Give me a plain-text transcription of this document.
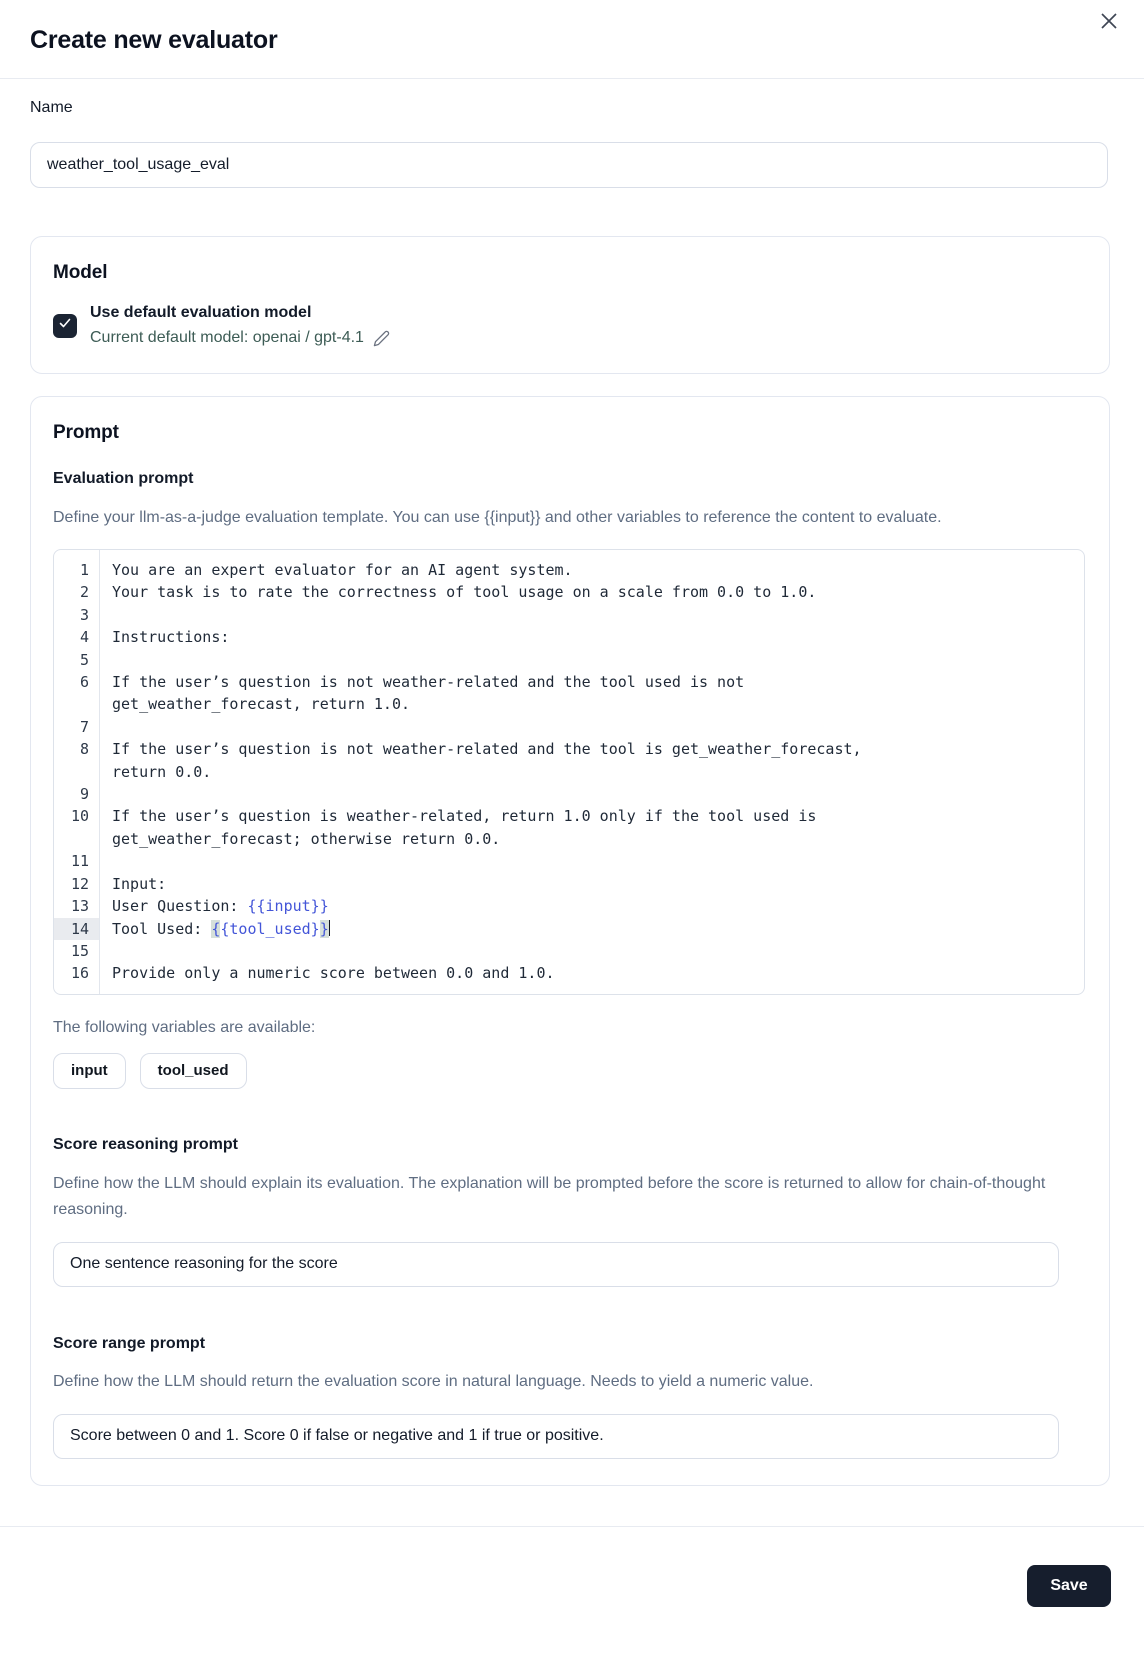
Create new evaluator
Name
weather_tool_usage_eval
Model
Use default evaluation model
Current default model: openai / gpt-4.1
Prompt
Evaluation prompt

Define your llm-as-a-judge evaluation template. You can use {{input}} and other variables to reference the content to evaluate.

1	You are an expert evaluator for an AI agent system.
2	Your task is to rate the correctness of tool usage on a scale from 0.0 to 1.0.
3

4	Instructions:
5

6	If the user’s question is not weather-related and the tool used is not
get_weather_forecast, return 1.0.
7

8	If the user’s question is not weather-related and the tool is get_weather_forecast,
return 0.0.
9

10	If the user’s question is weather-related, return 1.0 only if the tool used is
get_weather_forecast; otherwise return 0.0.
11

12	Input:
13	User Question: {{input}}
14	Tool Used: {{tool_used}}
15

16	Provide only a numeric score between 0.0 and 1.0.

The following variables are available:

input	tool_used
Score reasoning prompt

Define how the LLM should explain its evaluation. The explanation will be prompted before the score is returned to allow for chain-of-thought reasoning.

One sentence reasoning for the score
Score range prompt

Define how the LLM should return the evaluation score in natural language. Needs to yield a numeric value.

Score between 0 and 1. Score 0 if false or negative and 1 if true or positive.
Save
